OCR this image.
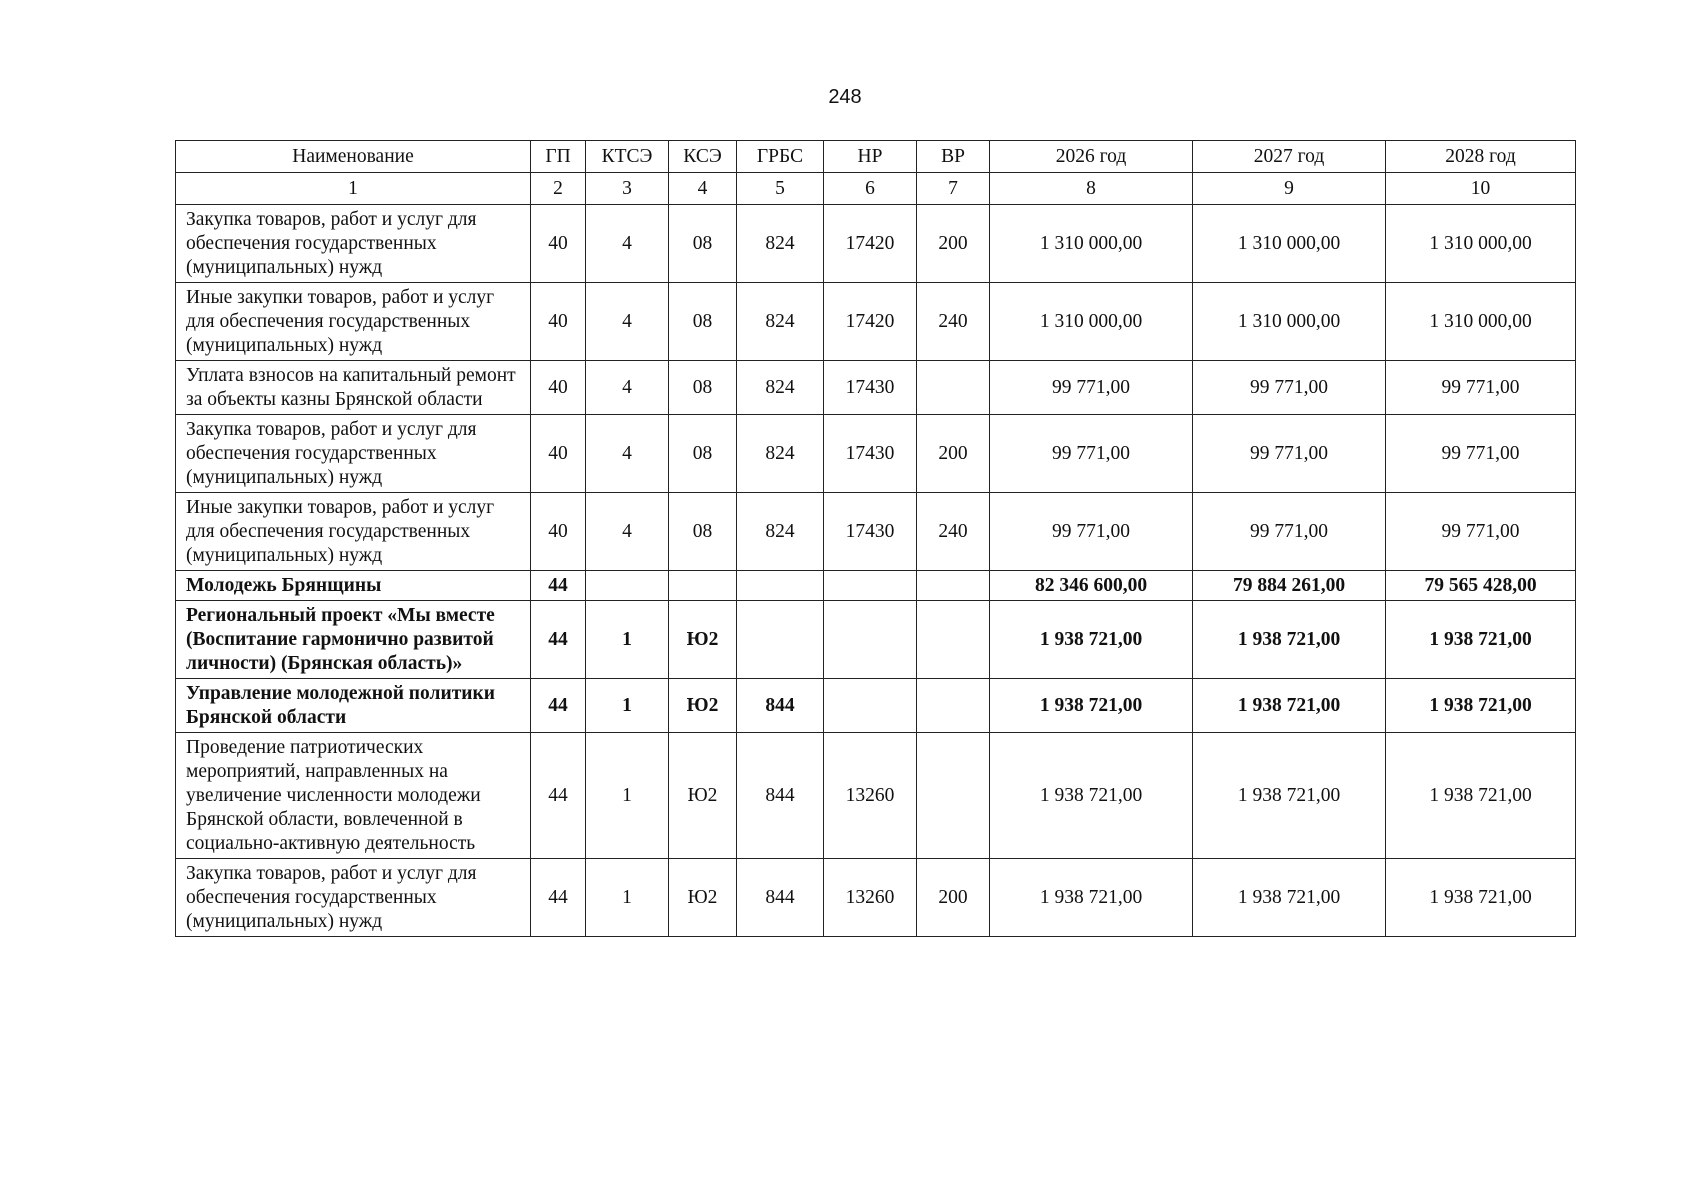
248
Наименование	ГП	КТСЭ	КСЭ	ГРБС	НР	ВР	2026 год	2027 год	2028 год
1	2	3	4	5	6	7	8	9	10
Закупка товаров, работ и услуг для обеспечения государственных (муниципальных) нужд	40	4	08	824	17420	200	1 310 000,00	1 310 000,00	1 310 000,00
Иные закупки товаров, работ и услуг для обеспечения государственных (муниципальных) нужд	40	4	08	824	17420	240	1 310 000,00	1 310 000,00	1 310 000,00
Уплата взносов на капитальный ремонт за объекты казны Брянской области	40	4	08	824	17430		99 771,00	99 771,00	99 771,00
Закупка товаров, работ и услуг для обеспечения государственных (муниципальных) нужд	40	4	08	824	17430	200	99 771,00	99 771,00	99 771,00
Иные закупки товаров, работ и услуг для обеспечения государственных (муниципальных) нужд	40	4	08	824	17430	240	99 771,00	99 771,00	99 771,00
Молодежь Брянщины	44						82 346 600,00	79 884 261,00	79 565 428,00
Региональный проект «Мы вместе (Воспитание гармонично развитой личности) (Брянская область)»	44	1	Ю2				1 938 721,00	1 938 721,00	1 938 721,00
Управление молодежной политики Брянской области	44	1	Ю2	844			1 938 721,00	1 938 721,00	1 938 721,00
Проведение патриотических мероприятий, направленных на увеличение численности молодежи Брянской области, вовлеченной в социально-активную деятельность	44	1	Ю2	844	13260		1 938 721,00	1 938 721,00	1 938 721,00
Закупка товаров, работ и услуг для обеспечения государственных (муниципальных) нужд	44	1	Ю2	844	13260	200	1 938 721,00	1 938 721,00	1 938 721,00
